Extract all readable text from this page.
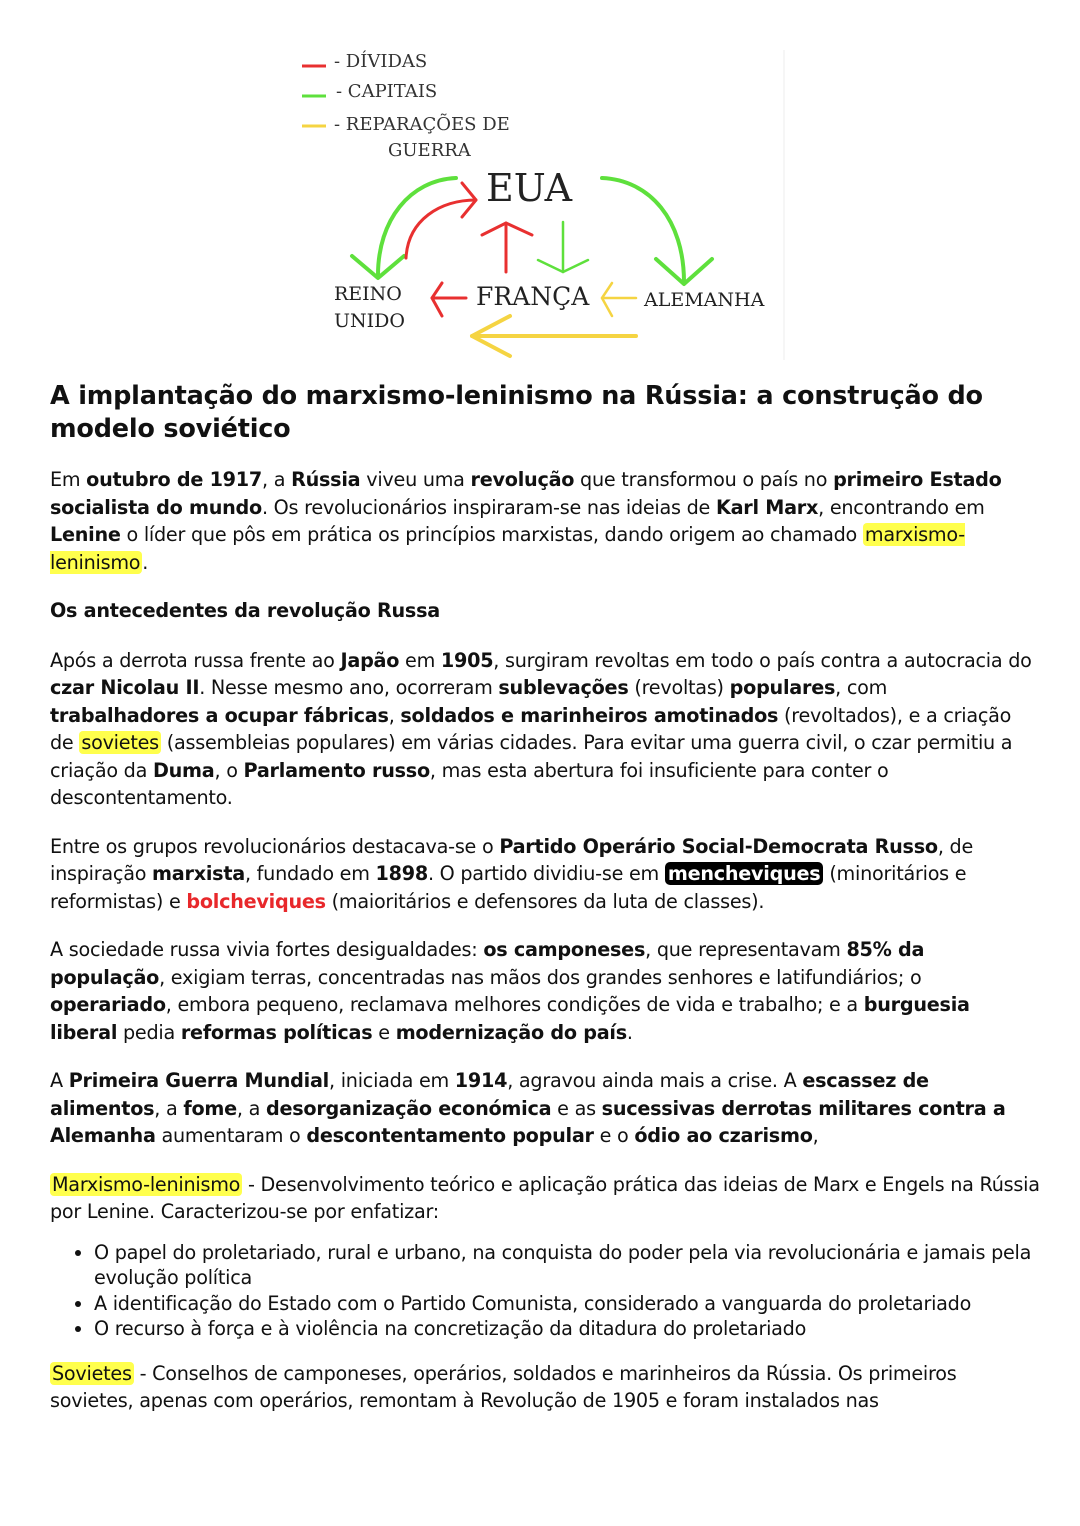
- DÍVIDAS
- CAPITAIS
- REPARAÇÕES DE
GUERRA
EUA
REINO
UNIDO
FRANÇA	ALEMANHA
A implantação do marxismo-leninismo na Rússia: a construção do modelo soviético

Em outubro de 1917, a Rússia viveu uma revolução que transformou o país no primeiro Estado socialista do mundo. Os revolucionários inspiraram-se nas ideias de Karl Marx, encontrando em Lenine o líder que pôs em prática os princípios marxistas, dando origem ao chamado marxismo-leninismo .

Os antecedentes da revolução Russa

Após a derrota russa frente ao Japão em 1905, surgiram revoltas em todo o país contra a autocracia do czar Nicolau II. Nesse mesmo ano, ocorreram sublevações (revoltas) populares, com trabalhadores a ocupar fábricas, soldados e marinheiros amotinados (revoltados), e a criação de sovietes (assembleias populares) em várias cidades. Para evitar uma guerra civil, o czar permitiu a criação da Duma, o Parlamento russo, mas esta abertura foi insuficiente para conter o descontentamento.

Entre os grupos revolucionários destacava-se o Partido Operário Social-Democrata Russo, de inspiração marxista, fundado em 1898. O partido dividiu-se em mencheviques (minoritários e reformistas) e bolcheviques (maioritários e defensores da luta de classes).

A sociedade russa vivia fortes desigualdades: os camponeses, que representavam 85% da população, exigiam terras, concentradas nas mãos dos grandes senhores e latifundiários; o operariado, embora pequeno, reclamava melhores condições de vida e trabalho; e a burguesia liberal pedia reformas políticas e modernização do país.

A Primeira Guerra Mundial, iniciada em 1914, agravou ainda mais a crise. A escassez de alimentos, a fome, a desorganização económica e as sucessivas derrotas militares contra a Alemanha aumentaram o descontentamento popular e o ódio ao czarismo,

Marxismo-leninismo - Desenvolvimento teórico e aplicação prática das ideias de Marx e Engels na Rússia por Lenine. Caracterizou-se por enfatizar:

• O papel do proletariado, rural e urbano, na conquista do poder pela via revolucionária e jamais pela evolução política
• A identificação do Estado com o Partido Comunista, considerado a vanguarda do proletariado
• O recurso à força e à violência na concretização da ditadura do proletariado

Sovietes - Conselhos de camponeses, operários, soldados e marinheiros da Rússia. Os primeiros sovietes, apenas com operários, remontam à Revolução de 1905 e foram instalados nas
